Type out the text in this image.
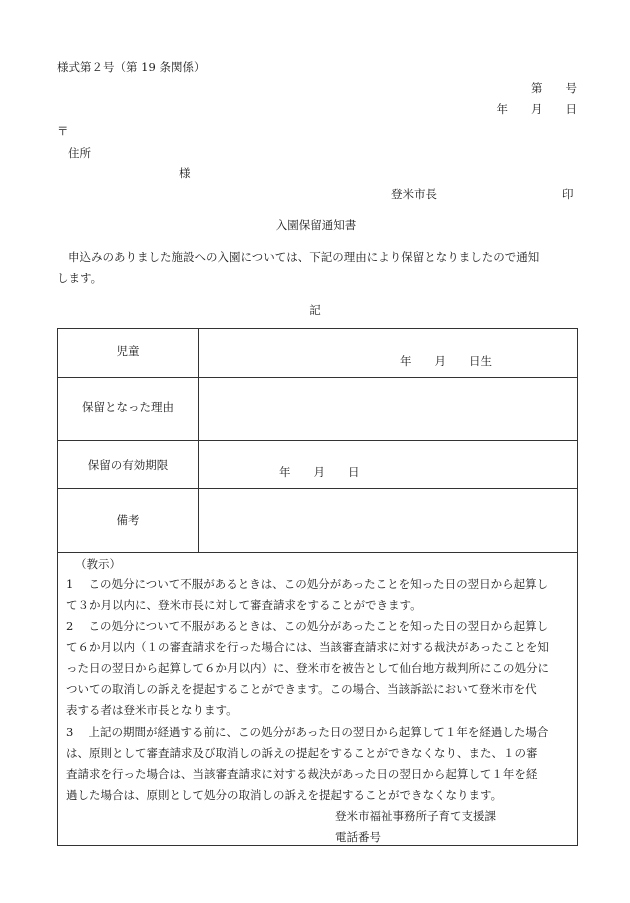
様式第２号（第 19 条関係）
第　　号
年　　月　　日
〒
住所
様
登米市長	印
入園保留通知書
申込みのありました施設への入園については、下記の理由により保留となりましたので通知
します。
記
児童
年　　月　　日生
保留となった理由
保留の有効期限	年　　月　　日
備考
（教示）
1　 この処分について不服があるときは、この処分があったことを知った日の翌日から起算し
て３か月以内に、登米市長に対して審査請求をすることができます。
2　 この処分について不服があるときは、この処分があったことを知った日の翌日から起算し
て６か月以内（１の審査請求を行った場合には、当該審査請求に対する裁決があったことを知
った日の翌日から起算して６か月以内）に、登米市を被告として仙台地方裁判所にこの処分に
ついての取消しの訴えを提起することができます。この場合、当該訴訟において登米市を代
表する者は登米市長となります。
3　 上記の期間が経過する前に、この処分があった日の翌日から起算して１年を経過した場合
は、原則として審査請求及び取消しの訴えの提起をすることができなくなり、また、１の審
査請求を行った場合は、当該審査請求に対する裁決があった日の翌日から起算して１年を経
過した場合は、原則として処分の取消しの訴えを提起することができなくなります。
登米市福祉事務所子育て支援課
電話番号
